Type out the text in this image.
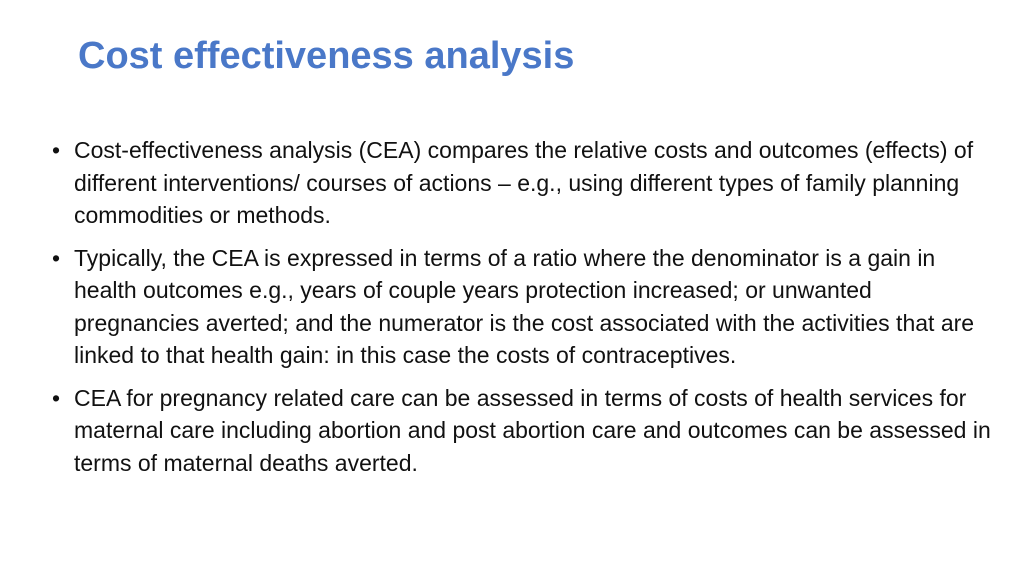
Cost effectiveness analysis
• Cost-effectiveness analysis (CEA) compares the relative costs and outcomes (effects) of different interventions/ courses of actions – e.g., using different types of family planning commodities or methods.
• Typically, the CEA is expressed in terms of a ratio where the denominator is a gain in health outcomes e.g., years of couple years protection increased; or unwanted pregnancies averted; and the numerator is the cost associated with the activities that are linked to that health gain: in this case the costs of contraceptives.
• CEA for pregnancy related care can be assessed in terms of costs of health services for maternal care including abortion and post abortion care and outcomes can be assessed in terms of maternal deaths averted.
